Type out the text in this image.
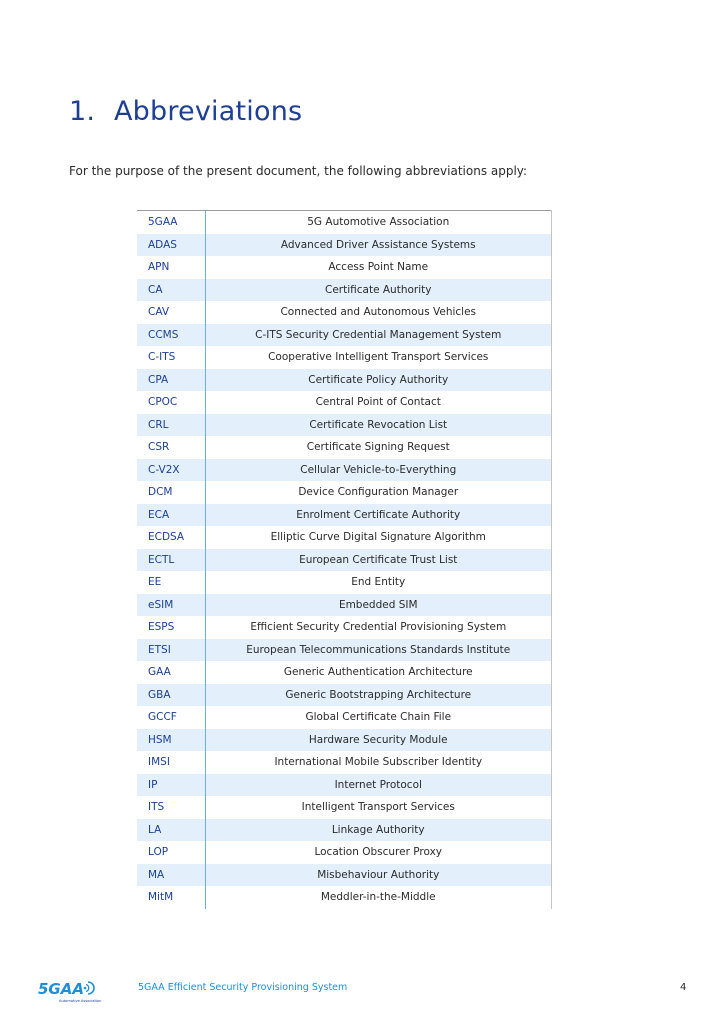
1. Abbreviations

For the purpose of the present document, the following abbreviations apply:

5GAA	5G Automotive Association
ADAS	Advanced Driver Assistance Systems
APN	Access Point Name
CA	Certificate Authority
CAV	Connected and Autonomous Vehicles
CCMS	C-ITS Security Credential Management System
C-ITS	Cooperative Intelligent Transport Services
CPA	Certificate Policy Authority
CPOC	Central Point of Contact
CRL	Certificate Revocation List
CSR	Certificate Signing Request
C-V2X	Cellular Vehicle-to-Everything
DCM	Device Configuration Manager
ECA	Enrolment Certificate Authority
ECDSA	Elliptic Curve Digital Signature Algorithm
ECTL	European Certificate Trust List
EE	End Entity
eSIM	Embedded SIM
ESPS	Efficient Security Credential Provisioning System
ETSI	European Telecommunications Standards Institute
GAA	Generic Authentication Architecture
GBA	Generic Bootstrapping Architecture
GCCF	Global Certificate Chain File
HSM	Hardware Security Module
IMSI	International Mobile Subscriber Identity
IP	Internet Protocol
ITS	Intelligent Transport Services
LA	Linkage Authority
LOP	Location Obscurer Proxy
MA	Misbehaviour Authority
MitM	Meddler-in-the-Middle
5GAA
Automotive Association

5GAA Efficient Security Provisioning System	4
